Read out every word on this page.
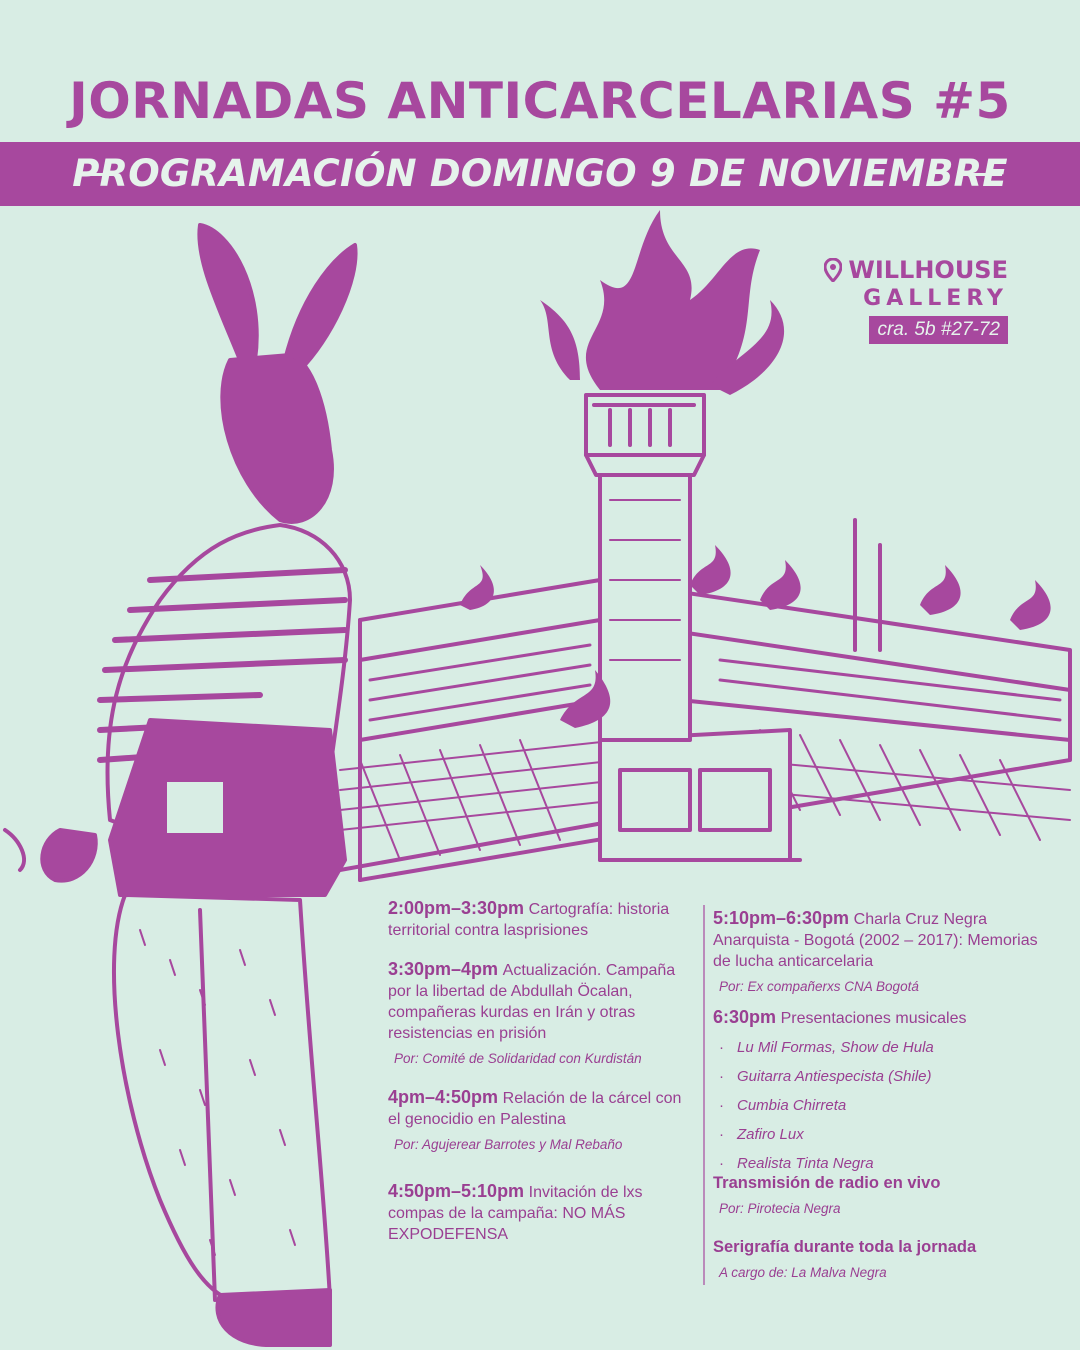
JORNADAS ANTICARCELARIAS #5
PROGRAMACIÓN DOMINGO 9 DE NOVIEMBRE
WILLHOUSE
GALLERY
cra. 5b #27-72
2:00pm–3:30pm Cartografía: historia territorial contra lasprisiones
3:30pm–4pm Actualización. Campaña por la libertad de Abdullah Öcalan, compañeras kurdas en Irán y otras resistencias en prisión
Por: Comité de Solidaridad con Kurdistán
4pm–4:50pm Relación de la cárcel con el genocidio en Palestina
Por: Agujerear Barrotes y Mal Rebaño
4:50pm–5:10pm Invitación de lxs compas de la campaña: NO MÁS EXPODEFENSA
5:10pm–6:30pm Charla Cruz Negra Anarquista - Bogotá (2002 – 2017): Memorias de lucha anticarcelaria
Por: Ex compañerxs CNA Bogotá
6:30pm Presentaciones musicales
· Lu Mil Formas, Show de Hula
· Guitarra Antiespecista (Shile)
· Cumbia Chirreta
· Zafiro Lux
· Realista Tinta Negra
Transmisión de radio en vivo
Por: Pirotecia Negra
Serigrafía durante toda la jornada
A cargo de: La Malva Negra
